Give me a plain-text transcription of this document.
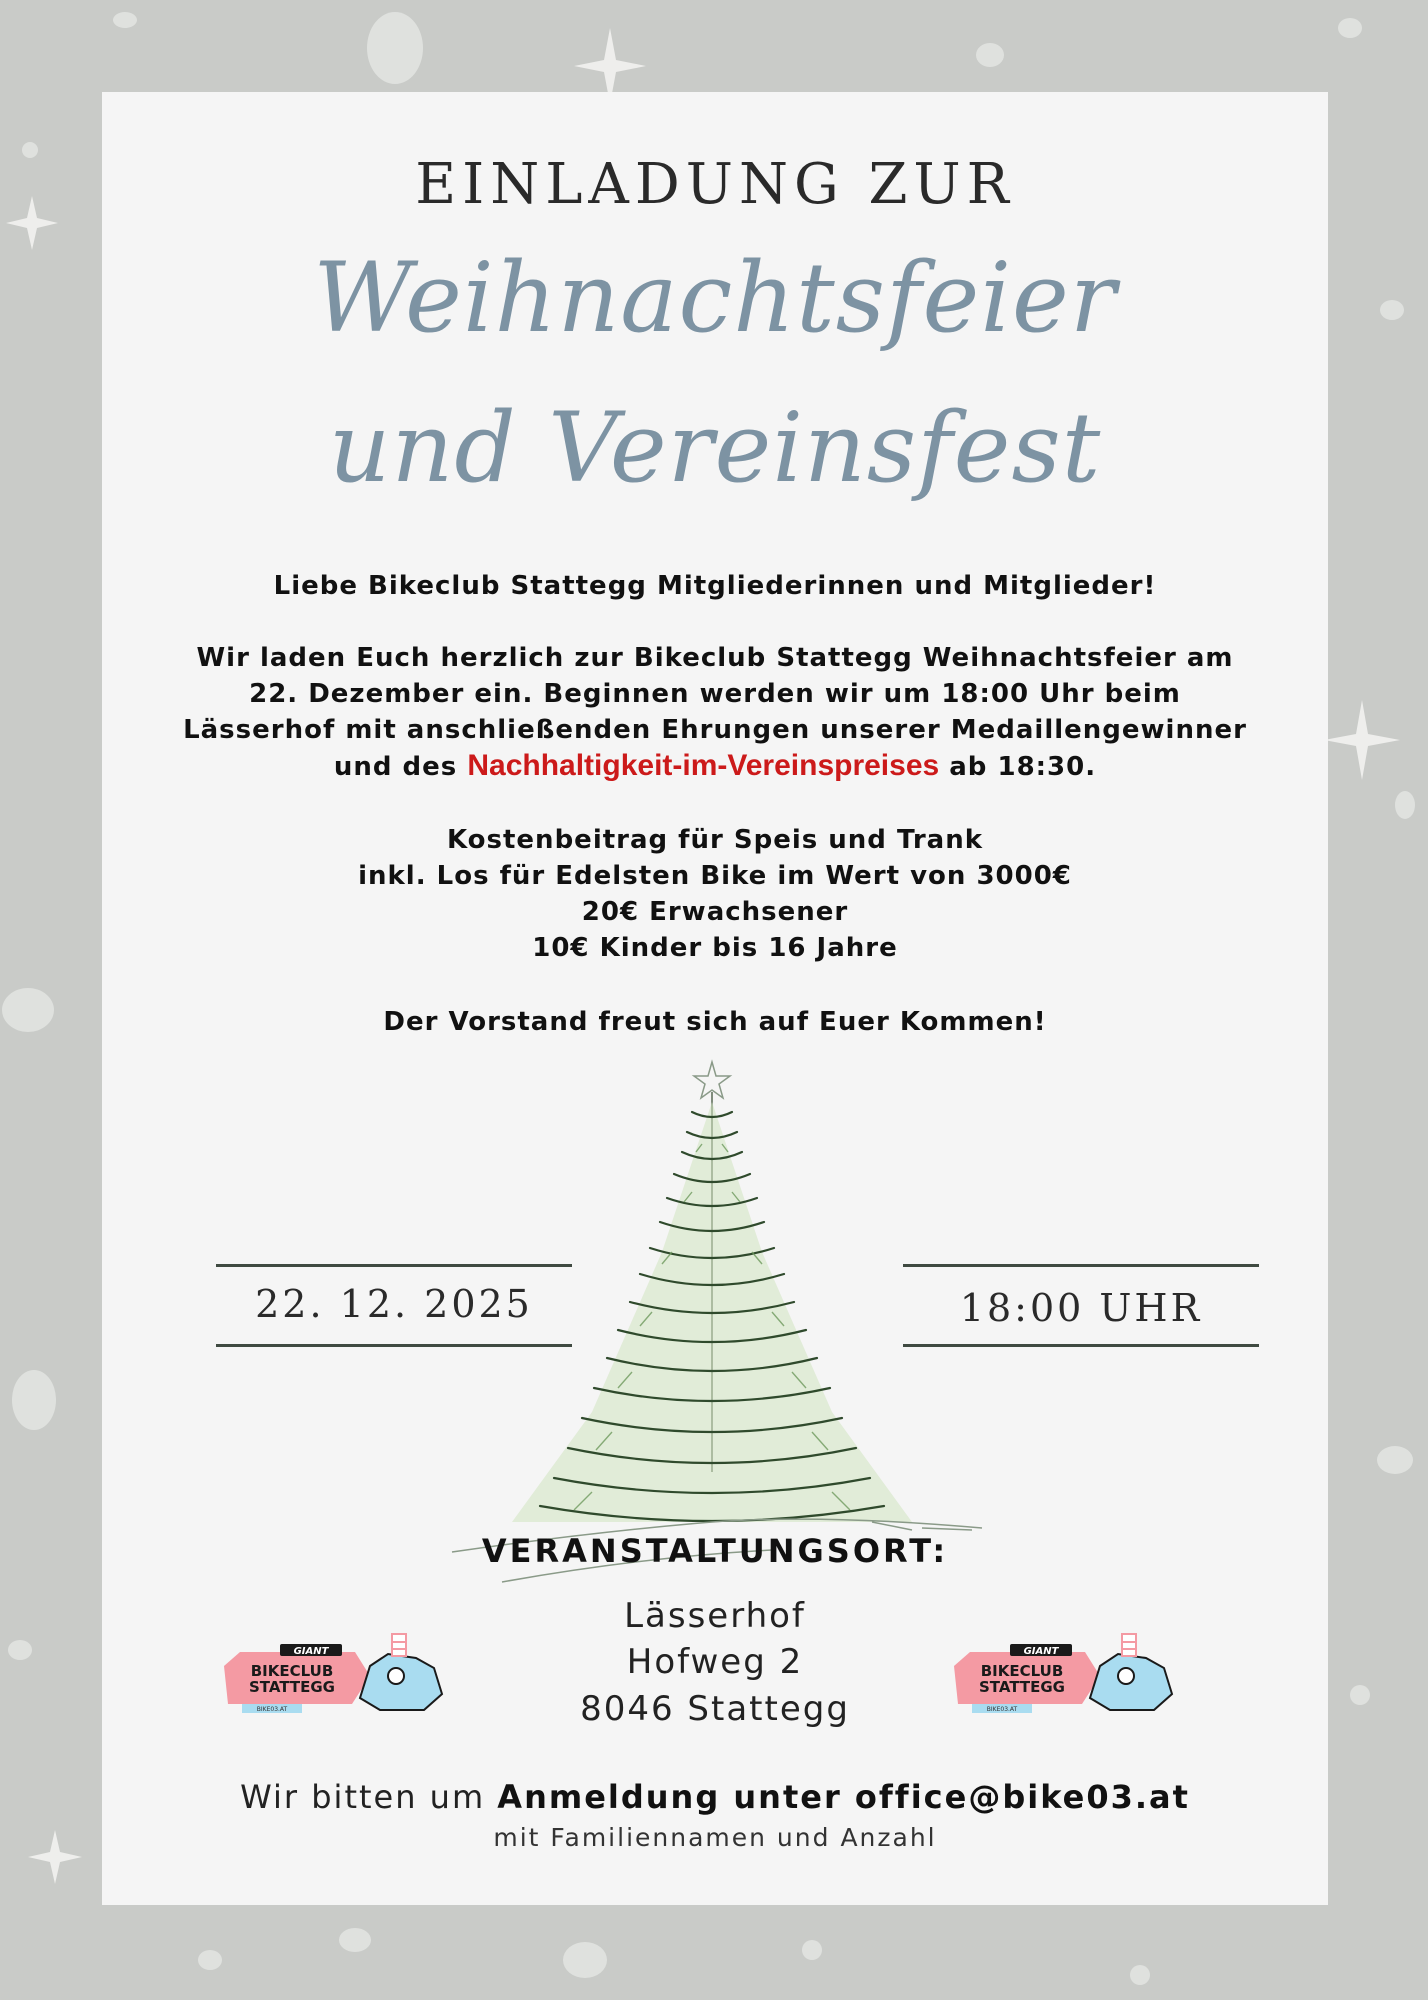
EINLADUNG ZUR
Weihnachtsfeier
und Vereinsfest
Liebe Bikeclub Stattegg Mitgliederinnen und Mitglieder!
Wir laden Euch herzlich zur Bikeclub Stattegg Weihnachtsfeier am
22. Dezember ein. Beginnen werden wir um 18:00 Uhr beim
Lässerhof mit anschließenden Ehrungen unserer Medaillengewinner
und des Nachhaltigkeit-im-Vereinspreises ab 18:30.
Kostenbeitrag für Speis und Trank
inkl. Los für Edelsten Bike im Wert von 3000€
20€ Erwachsener
10€ Kinder bis 16 Jahre
Der Vorstand freut sich auf Euer Kommen!
22. 12. 2025	18:00 UHR
VERANSTALTUNGSORT:
Lässerhof
Hofweg 2
8046 Stattegg
GIANT
BIKECLUB
STATTEGG
BIKE03.AT
GIANT
BIKECLUB
STATTEGG
BIKE03.AT
Wir bitten um Anmeldung unter office@bike03.at
mit Familiennamen und Anzahl
